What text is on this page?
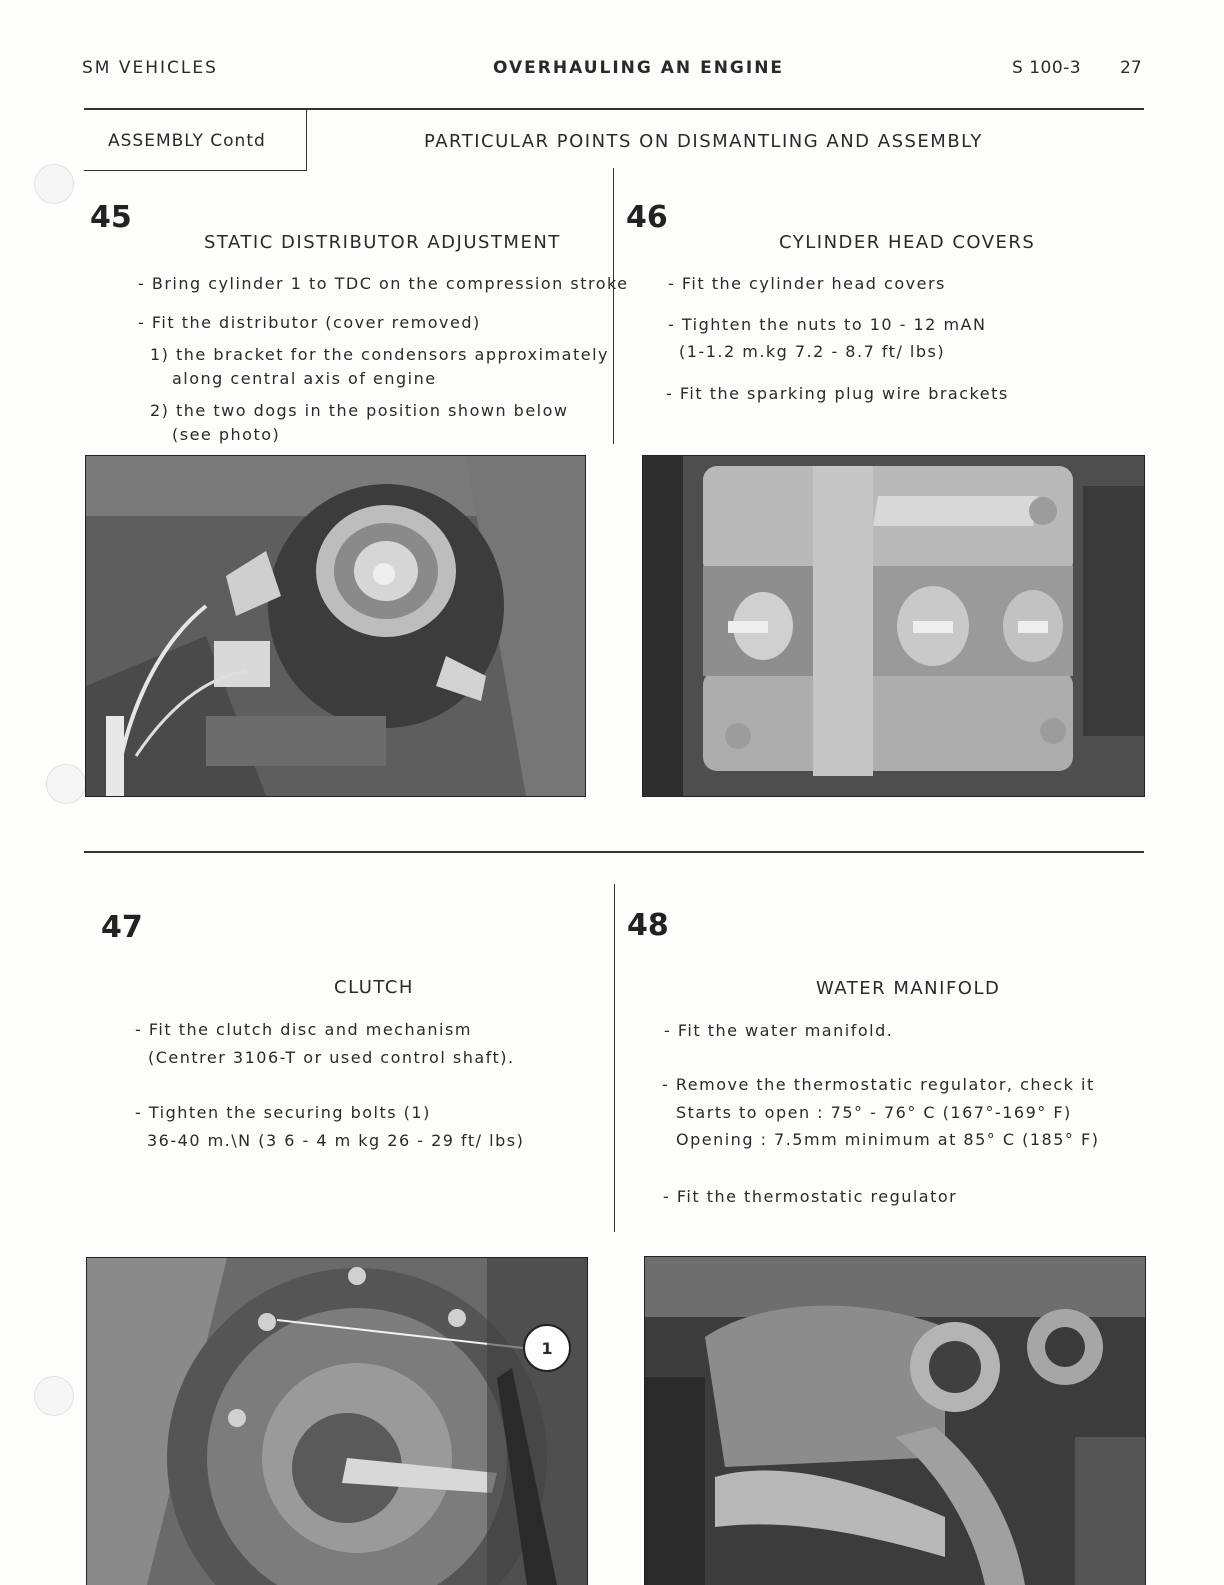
SM VEHICLES	OVERHAULING AN ENGINE	S 100-3 27
ASSEMBLY Contd	PARTICULAR POINTS ON DISMANTLING AND ASSEMBLY
45
STATIC DISTRIBUTOR ADJUSTMENT
- Bring cylinder 1 to TDC on the compression stroke
- Fit the distributor (cover removed)
1) the bracket for the condensors approximately
along central axis of engine
2) the two dogs in the position shown below
(see photo)
46
CYLINDER HEAD COVERS
- Fit the cylinder head covers
- Tighten the nuts to 10 - 12 mAN
(1-1.2 m.kg 7.2 - 8.7 ft/ lbs)
- Fit the sparking plug wire brackets
47
CLUTCH
- Fit the clutch disc and mechanism
(Centrer 3106-T or used control shaft).
- Tighten the securing bolts (1)
36-40 m.\N (3 6 - 4 m kg 26 - 29 ft/ lbs)
1
48
WATER MANIFOLD
- Fit the water manifold.
- Remove the thermostatic regulator, check it
Starts to open : 75° - 76° C (167°-169° F)
Opening : 7.5mm minimum at 85° C (185° F)
- Fit the thermostatic regulator
